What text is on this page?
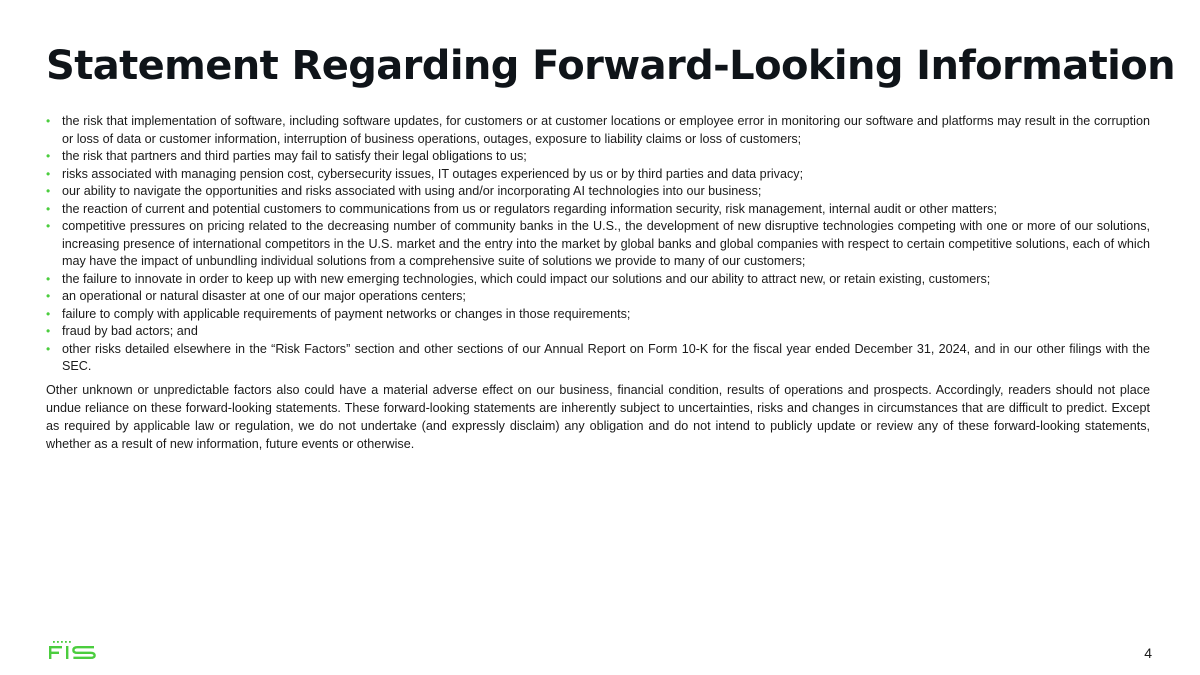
Statement Regarding Forward-Looking Information
• the risk that implementation of software, including software updates, for customers or at customer locations or employee error in monitoring our software and platforms may result in the corruption or loss of data or customer information, interruption of business operations, outages, exposure to liability claims or loss of customers;
• the risk that partners and third parties may fail to satisfy their legal obligations to us;
• risks associated with managing pension cost, cybersecurity issues, IT outages experienced by us or by third parties and data privacy;
• our ability to navigate the opportunities and risks associated with using and/or incorporating AI technologies into our business;
• the reaction of current and potential customers to communications from us or regulators regarding information security, risk management, internal audit or other matters;
• competitive pressures on pricing related to the decreasing number of community banks in the U.S., the development of new disruptive technologies competing with one or more of our solutions, increasing presence of international competitors in the U.S. market and the entry into the market by global banks and global companies with respect to certain competitive solutions, each of which may have the impact of unbundling individual solutions from a comprehensive suite of solutions we provide to many of our customers;
• the failure to innovate in order to keep up with new emerging technologies, which could impact our solutions and our ability to attract new, or retain existing, customers;
• an operational or natural disaster at one of our major operations centers;
• failure to comply with applicable requirements of payment networks or changes in those requirements;
• fraud by bad actors; and
• other risks detailed elsewhere in the “Risk Factors” section and other sections of our Annual Report on Form 10-K for the fiscal year ended December 31, 2024, and in our other filings with the SEC.

Other unknown or unpredictable factors also could have a material adverse effect on our business, financial condition, results of operations and prospects. Accordingly, readers should not place undue reliance on these forward-looking statements. These forward-looking statements are inherently subject to uncertainties, risks and changes in circumstances that are difficult to predict. Except as required by applicable law or regulation, we do not undertake (and expressly disclaim) any obligation and do not intend to publicly update or review any of these forward-looking statements, whether as a result of new information, future events or otherwise.

4
